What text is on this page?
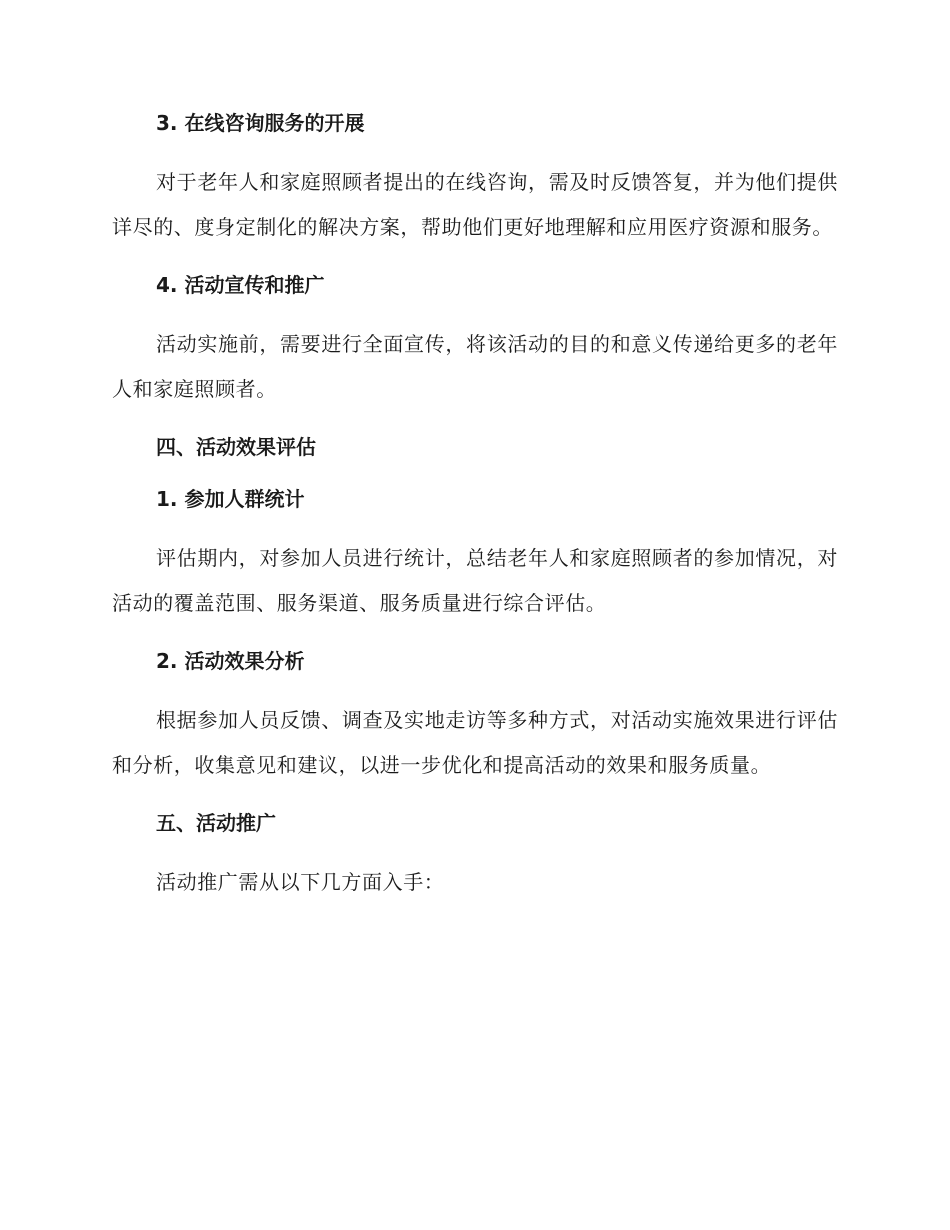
3. 在线咨询服务的开展
对于老年人和家庭照顾者提出的在线咨询，需及时反馈答复，并为他们提供详尽的、度身定制化的解决方案，帮助他们更好地理解和应用医疗资源和服务。
4. 活动宣传和推广
活动实施前，需要进行全面宣传，将该活动的目的和意义传递给更多的老年人和家庭照顾者。
四、活动效果评估
1. 参加人群统计
评估期内，对参加人员进行统计，总结老年人和家庭照顾者的参加情况，对活动的覆盖范围、服务渠道、服务质量进行综合评估。
2. 活动效果分析
根据参加人员反馈、调查及实地走访等多种方式，对活动实施效果进行评估和分析，收集意见和建议，以进一步优化和提高活动的效果和服务质量。
五、活动推广
活动推广需从以下几方面入手：
